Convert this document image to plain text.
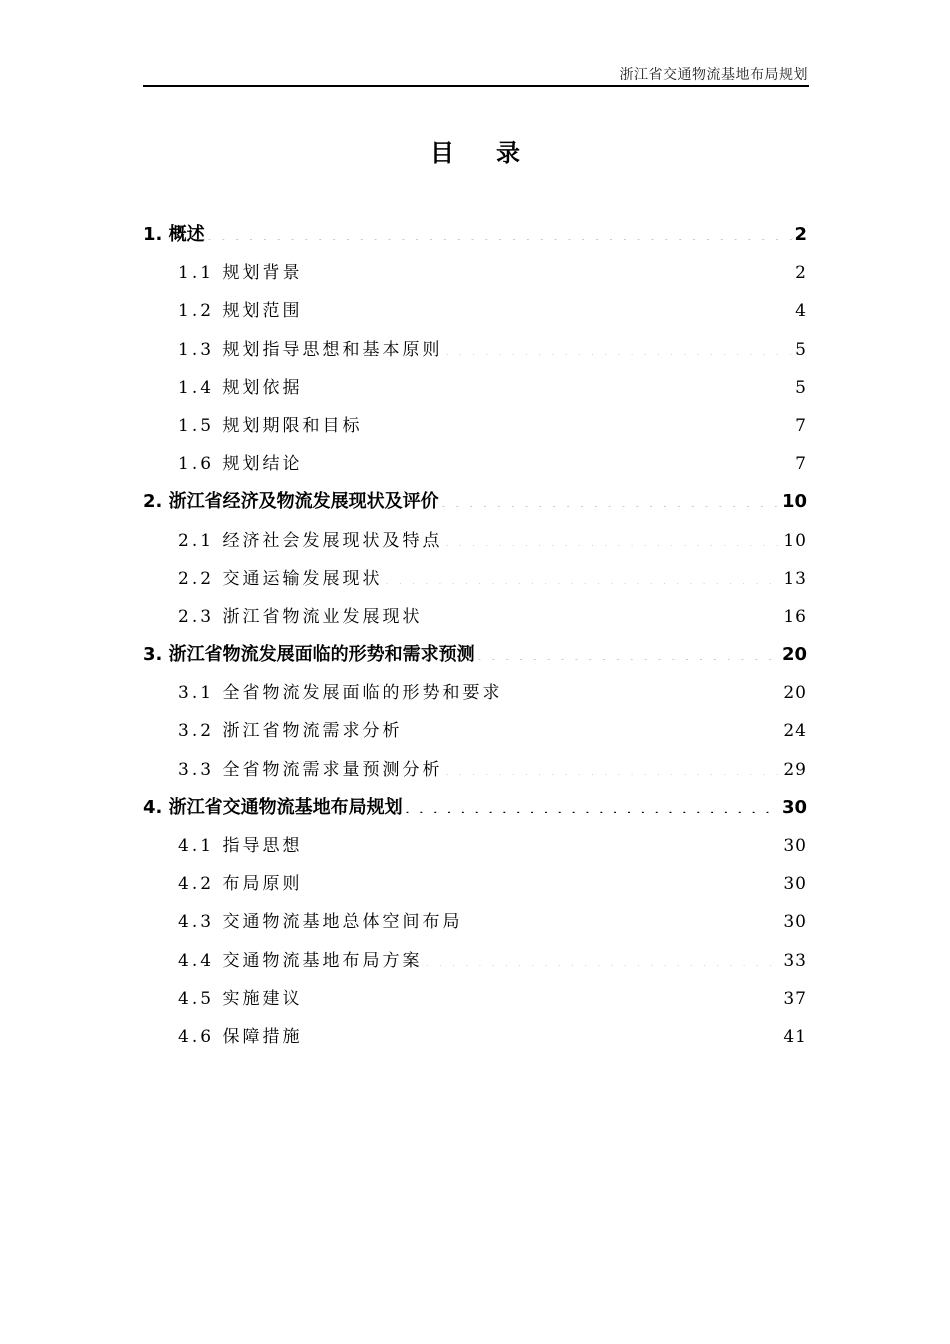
浙江省交通物流基地布局规划
目录
1. 概述 . . .	2
1.1 规划背景 . . .	2
1.2 规划范围 . . .	4
1.3 规划指导思想和基本原则 . . .	5
1.4 规划依据 . . .	5
1.5 规划期限和目标 . . .	7
1.6 规划结论 . . .	7
2. 浙江省经济及物流发展现状及评价 . . .	10
2.1 经济社会发展现状及特点 . . .	10
2.2 交通运输发展现状 . . .	13
2.3 浙江省物流业发展现状 . . .	16
3. 浙江省物流发展面临的形势和需求预测 . . .	20
3.1 全省物流发展面临的形势和要求 . . .	20
3.2 浙江省物流需求分析 . . .	24
3.3 全省物流需求量预测分析 . . .	29
4. 浙江省交通物流基地布局规划 . . .	30
4.1 指导思想 . . .	30
4.2 布局原则 . . .	30
4.3 交通物流基地总体空间布局 . . .	30
4.4 交通物流基地布局方案 . . .	33
4.5 实施建议 . . .	37
4.6 保障措施 . . .	41
